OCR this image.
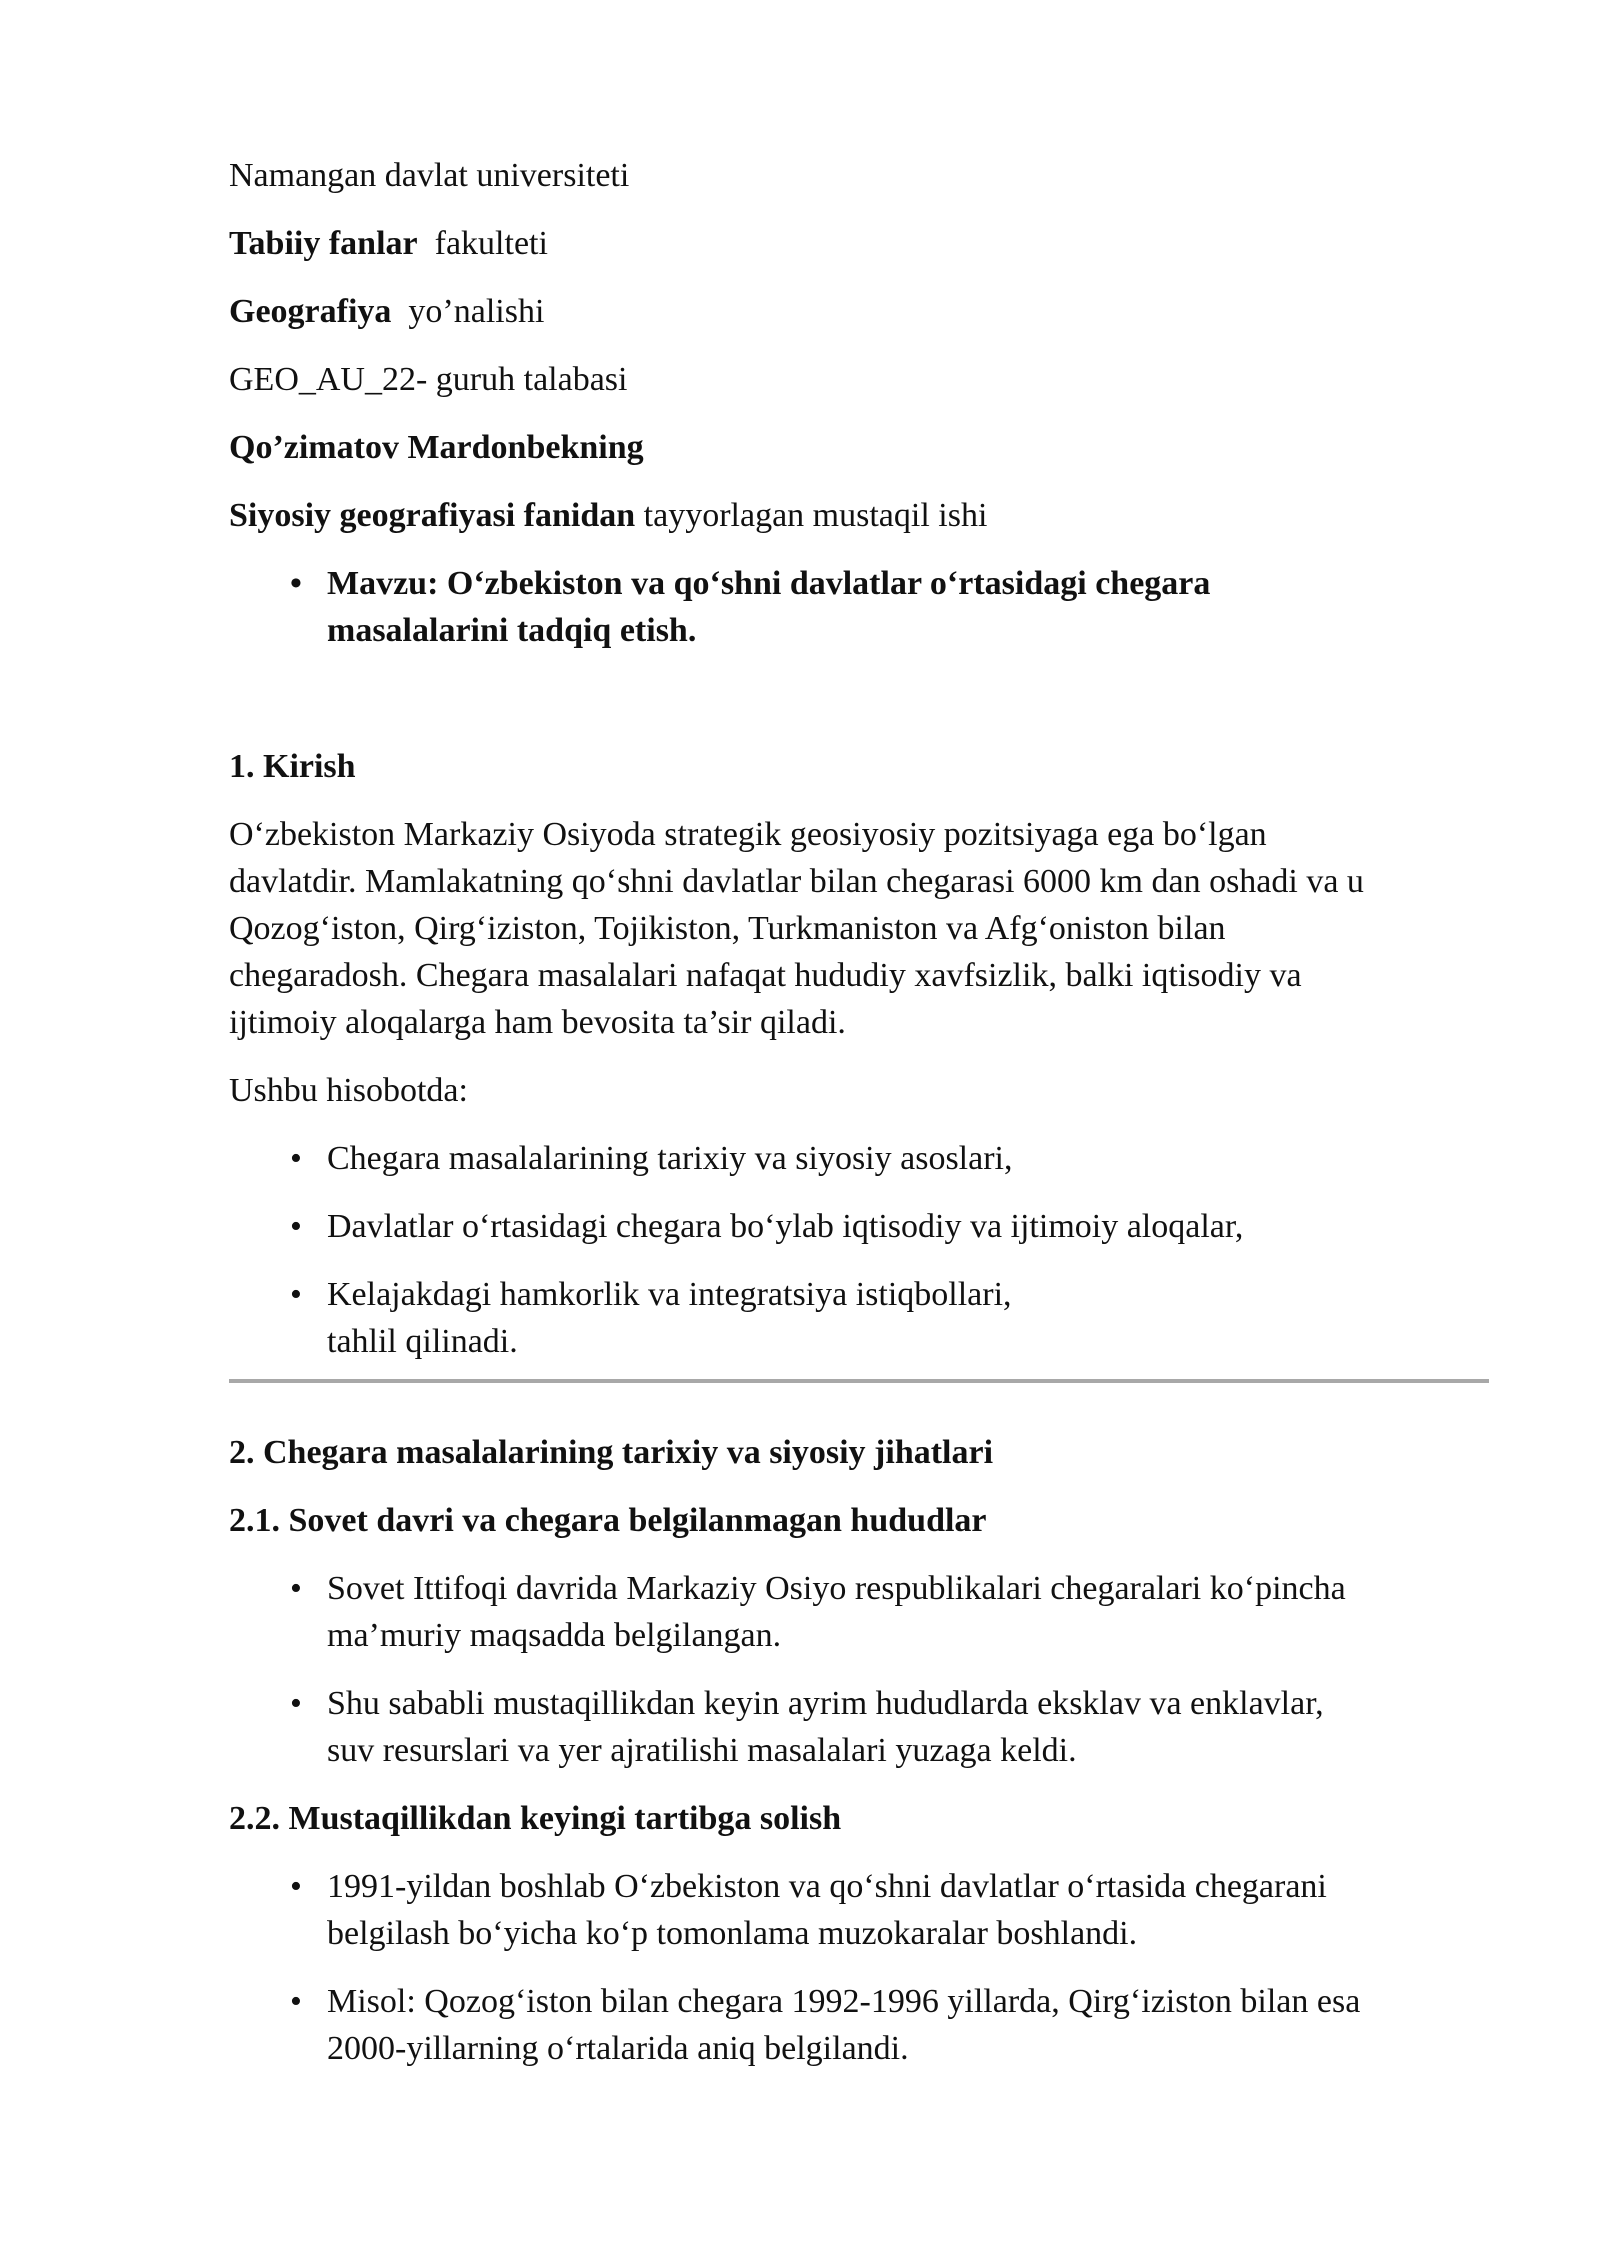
Namangan davlat universiteti

Tabiiy fanlar fakulteti

Geografiya yo’nalishi

GEO_AU_22- guruh talabasi

Qo’zimatov Mardonbekning

Siyosiy geografiyasi fanidan tayyorlagan mustaqil ishi

• Mavzu: O‘zbekiston va qo‘shni davlatlar o‘rtasidagi chegara
masalalarini tadqiq etish.

1. Kirish

O‘zbekiston Markaziy Osiyoda strategik geosiyosiy pozitsiyaga ega bo‘lgan
davlatdir. Mamlakatning qo‘shni davlatlar bilan chegarasi 6000 km dan oshadi va u
Qozog‘iston, Qirg‘iziston, Tojikiston, Turkmaniston va Afg‘oniston bilan
chegaradosh. Chegara masalalari nafaqat hududiy xavfsizlik, balki iqtisodiy va
ijtimoiy aloqalarga ham bevosita ta’sir qiladi.

Ushbu hisobotda:

• Chegara masalalarining tarixiy va siyosiy asoslari,
• Davlatlar o‘rtasidagi chegara bo‘ylab iqtisodiy va ijtimoiy aloqalar,
• Kelajakdagi hamkorlik va integratsiya istiqbollari,
tahlil qilinadi.

2. Chegara masalalarining tarixiy va siyosiy jihatlari

2.1. Sovet davri va chegara belgilanmagan hududlar

• Sovet Ittifoqi davrida Markaziy Osiyo respublikalari chegaralari ko‘pincha
ma’muriy maqsadda belgilangan.
• Shu sababli mustaqillikdan keyin ayrim hududlarda eksklav va enklavlar,
suv resurslari va yer ajratilishi masalalari yuzaga keldi.

2.2. Mustaqillikdan keyingi tartibga solish

• 1991-yildan boshlab O‘zbekiston va qo‘shni davlatlar o‘rtasida chegarani
belgilash bo‘yicha ko‘p tomonlama muzokaralar boshlandi.
• Misol: Qozog‘iston bilan chegara 1992-1996 yillarda, Qirg‘iziston bilan esa
2000-yillarning o‘rtalarida aniq belgilandi.
